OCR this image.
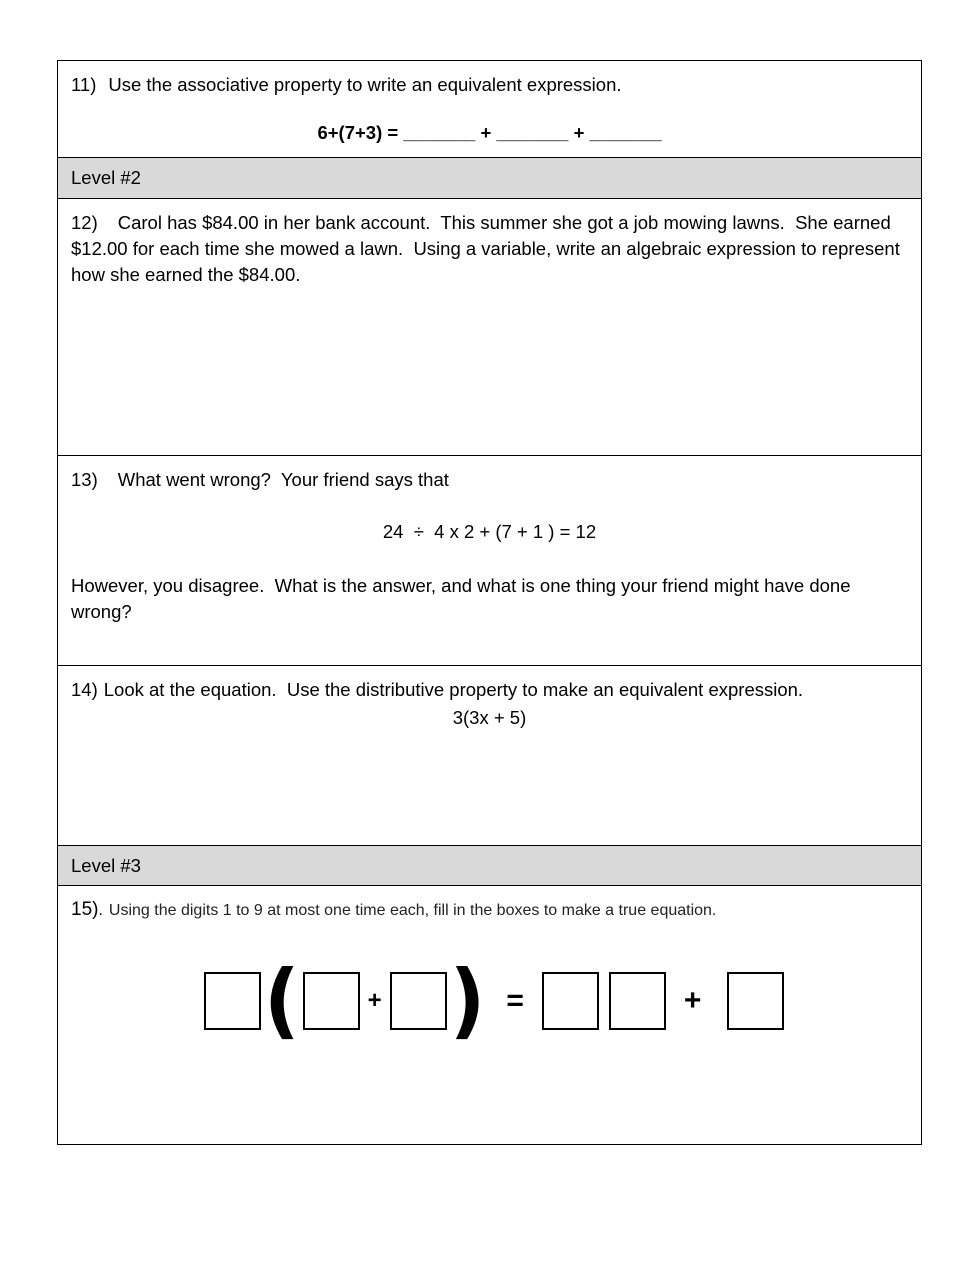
11) Use the associative property to write an equivalent expression.

6+(7+3) = _______ + _______ + _______

Level #2

12) Carol has $84.00 in her bank account.  This summer she got a job mowing lawns.  She earned $12.00 for each time she mowed a lawn.  Using a variable, write an algebraic expression to represent how she earned the $84.00.

13) What went wrong?  Your friend says that

24  ÷  4 x 2 + (7 + 1 ) = 12

However, you disagree.  What is the answer, and what is one thing your friend might have done wrong?

14) Look at the equation.  Use the distributive property to make an equivalent expression.

3(3x + 5)

Level #3

15). Using the digits 1 to 9 at most one time each, fill in the boxes to make a true equation.

(	+ ) =	+
